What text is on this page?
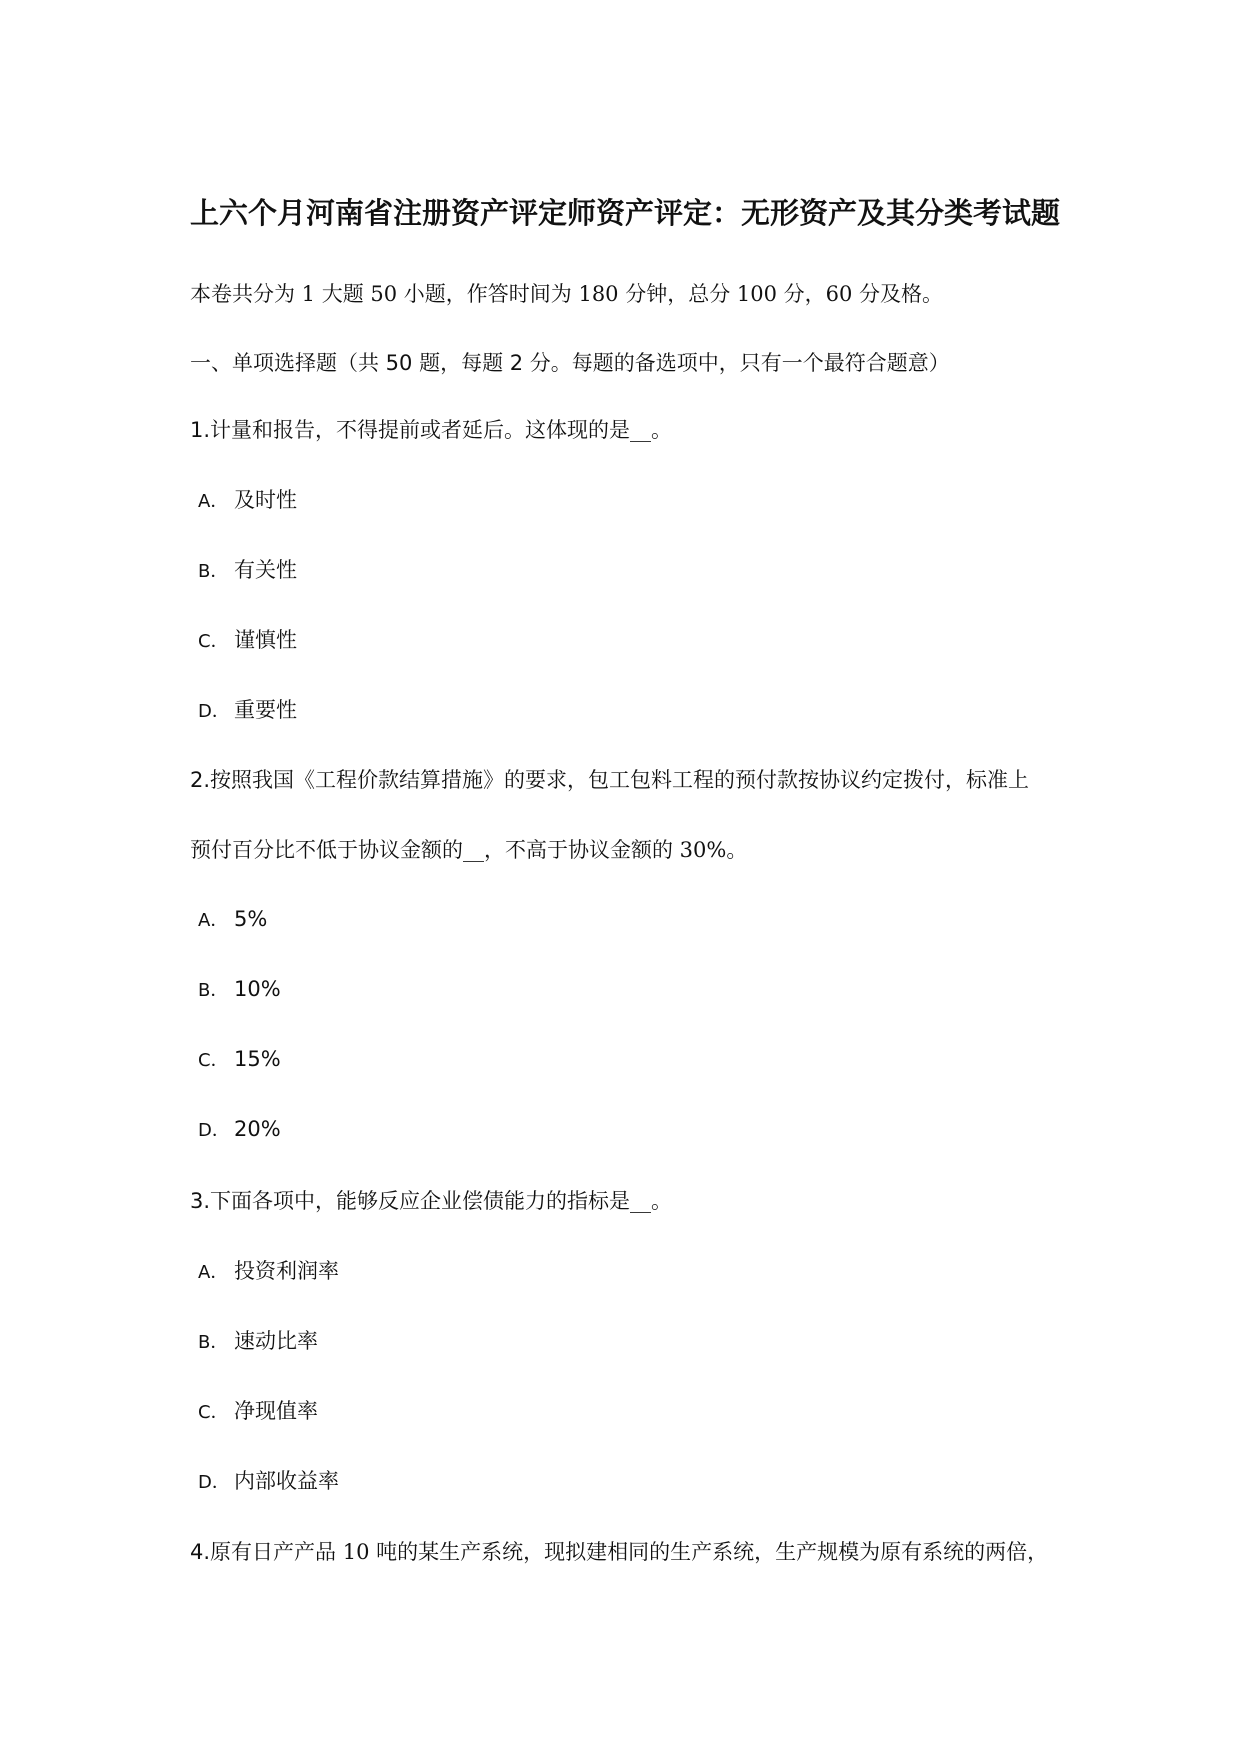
上六个月河南省注册资产评定师资产评定：无形资产及其分类考试题
本卷共分为 1 大题 50 小题，作答时间为 180 分钟，总分 100 分，60 分及格。
一、单项选择题（共 50 题，每题 2 分。每题的备选项中，只有一个最符合题意）
1.计量和报告，不得提前或者延后。这体现的是__。
A． 及时性
B． 有关性
C． 谨慎性
D． 重要性
2.按照我国《工程价款结算措施》的要求，包工包料工程的预付款按协议约定拨付，标准上
预付百分比不低于协议金额的__，不高于协议金额的 30%。
A． 5%
B． 10%
C． 15%
D． 20%
3.下面各项中，能够反应企业偿债能力的指标是__。
A． 投资利润率
B． 速动比率
C． 净现值率
D． 内部收益率
4.原有日产产品 10 吨的某生产系统，现拟建相同的生产系统，生产规模为原有系统的两倍，
